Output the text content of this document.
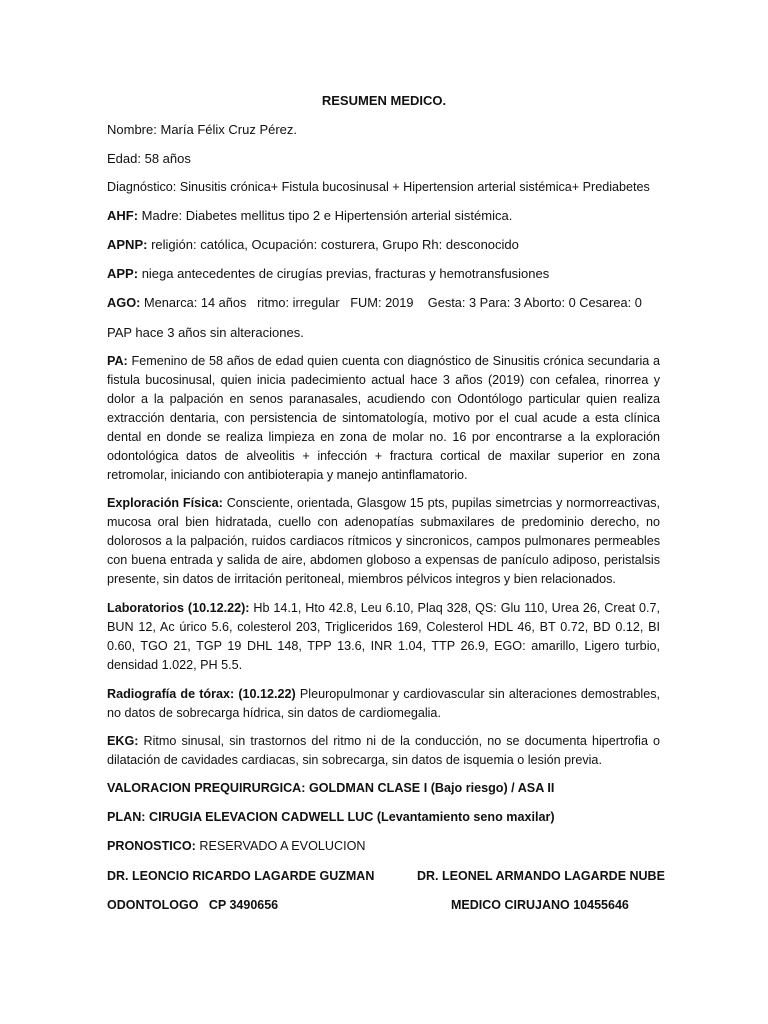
RESUMEN MEDICO.
Nombre: María Félix Cruz Pérez.
Edad: 58 años
Diagnóstico: Sinusitis crónica+ Fistula bucosinusal + Hipertension arterial sistémica+ Prediabetes
AHF: Madre: Diabetes mellitus tipo 2 e Hipertensión arterial sistémica.
APNP: religión: católica, Ocupación: costurera, Grupo Rh: desconocido
APP: niega antecedentes de cirugías previas, fracturas y hemotransfusiones
AGO: Menarca: 14 años   ritmo: irregular   FUM: 2019    Gesta: 3 Para: 3 Aborto: 0 Cesarea: 0
PAP hace 3 años sin alteraciones.
PA: Femenino de 58 años de edad quien cuenta con diagnóstico de Sinusitis crónica secundaria a fistula bucosinusal, quien inicia padecimiento actual hace 3 años (2019) con cefalea, rinorrea y dolor a la palpación en senos paranasales, acudiendo con Odontólogo particular quien realiza extracción dentaria, con persistencia de sintomatología, motivo por el cual acude a esta clínica dental en donde se realiza limpieza en zona de molar no. 16 por encontrarse a la exploración odontológica datos de alveolitis + infección + fractura cortical de maxilar superior en zona retromolar, iniciando con antibioterapia y manejo antinflamatorio.
Exploración Física: Consciente, orientada, Glasgow 15 pts, pupilas simetrcias y normorreactivas, mucosa oral bien hidratada, cuello con adenopatías submaxilares de predominio derecho, no dolorosos a la palpación, ruidos cardiacos rítmicos y sincronicos, campos pulmonares permeables con buena entrada y salida de aire, abdomen globoso a expensas de panículo adiposo, peristalsis presente, sin datos de irritación peritoneal, miembros pélvicos integros y bien relacionados.
Laboratorios (10.12.22): Hb 14.1, Hto 42.8, Leu 6.10, Plaq 328, QS: Glu 110, Urea 26, Creat 0.7, BUN 12, Ac úrico 5.6, colesterol 203, Trigliceridos 169, Colesterol HDL 46, BT 0.72, BD 0.12, BI 0.60, TGO 21, TGP 19 DHL 148, TPP 13.6, INR 1.04, TTP 26.9, EGO: amarillo, Ligero turbio, densidad 1.022, PH 5.5.
Radiografía de tórax: (10.12.22) Pleuropulmonar y cardiovascular sin alteraciones demostrables, no datos de sobrecarga hídrica, sin datos de cardiomegalia.
EKG: Ritmo sinusal, sin trastornos del ritmo ni de la conducción, no se documenta hipertrofia o dilatación de cavidades cardiacas, sin sobrecarga, sin datos de isquemia o lesión previa.
VALORACION PREQUIRURGICA: GOLDMAN CLASE I (Bajo riesgo) / ASA II
PLAN: CIRUGIA ELEVACION CADWELL LUC (Levantamiento seno maxilar)
PRONOSTICO: RESERVADO A EVOLUCION
DR. LEONCIO RICARDO LAGARDE GUZMAN	DR. LEONEL ARMANDO LAGARDE NUBE
ODONTOLOGO   CP 3490656	MEDICO CIRUJANO 10455646
